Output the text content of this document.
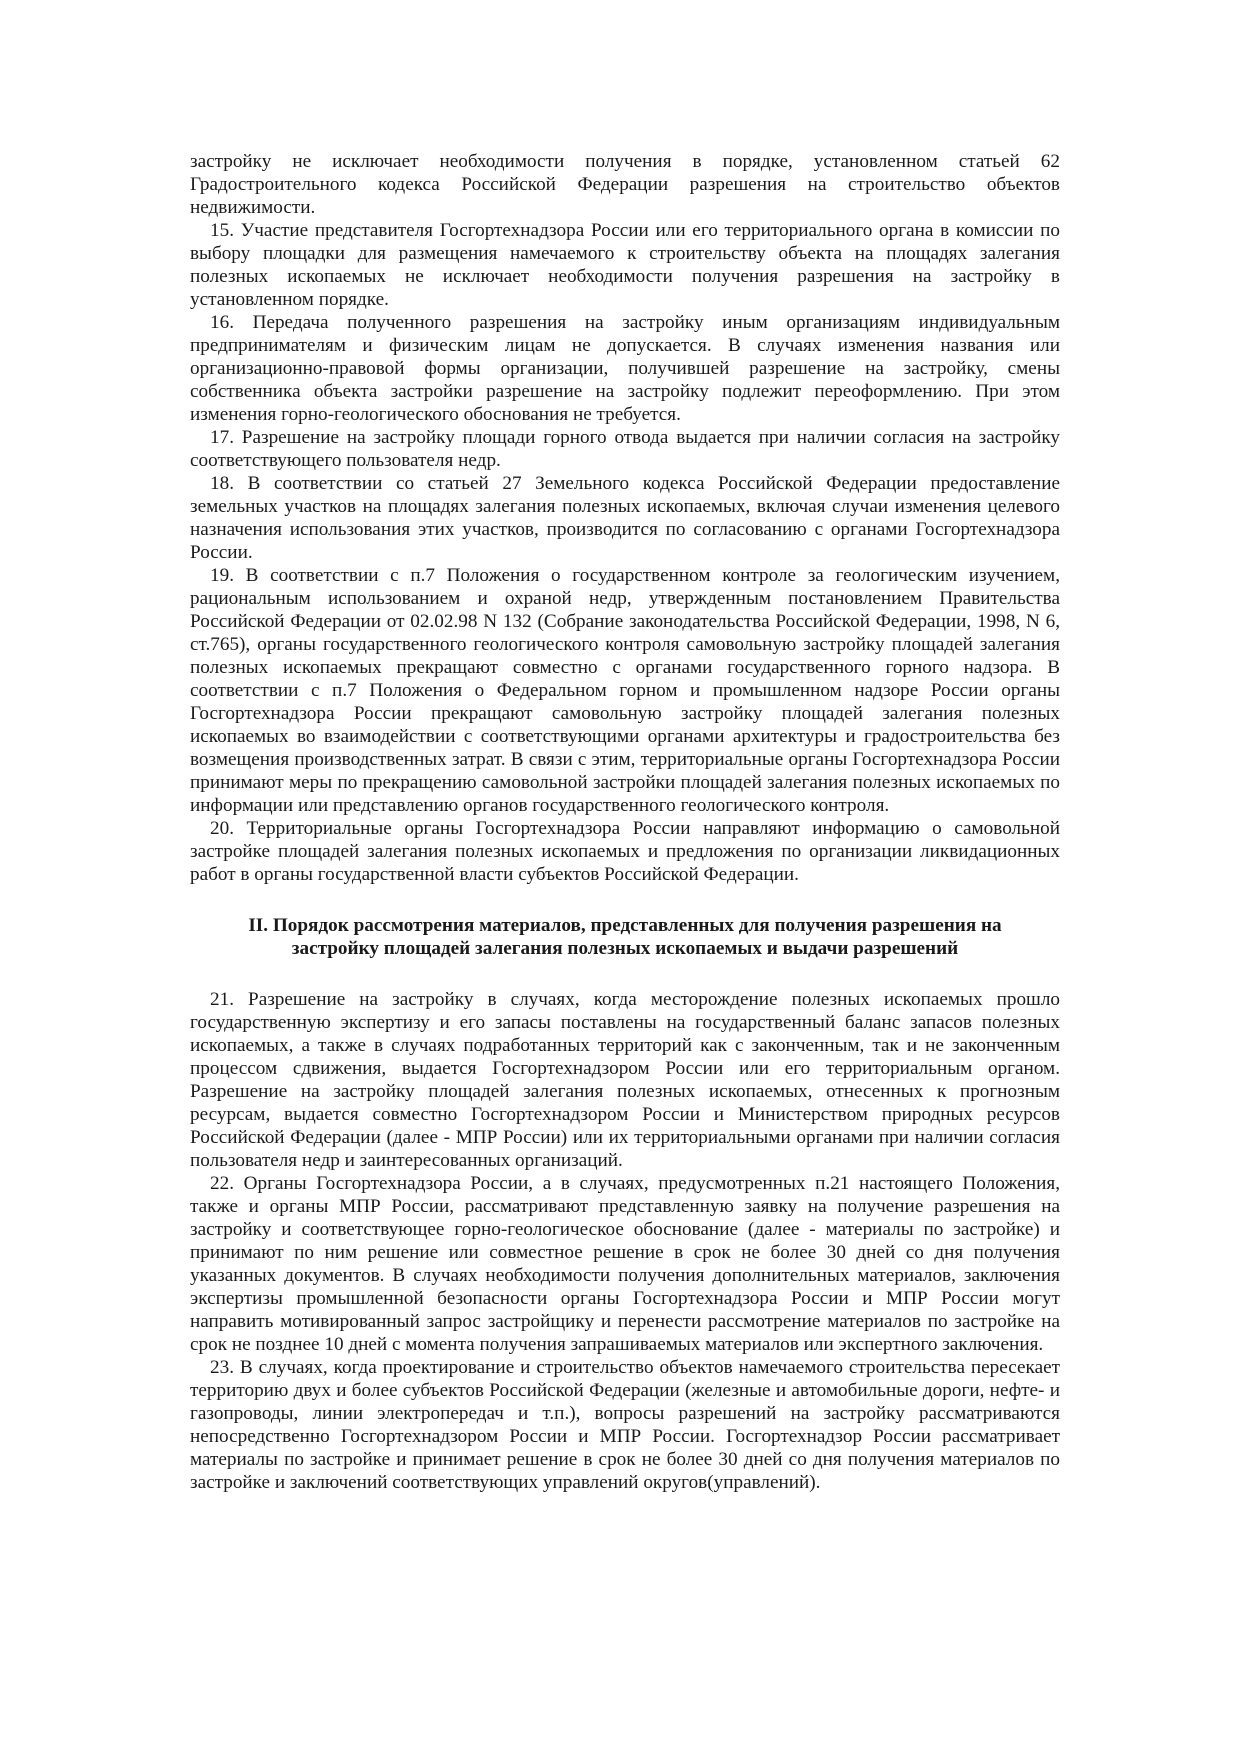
застройку не исключает необходимости получения в порядке, установленном статьей 62 Градостроительного кодекса Российской Федерации разрешения на строительство объектов недвижимости.

15. Участие представителя Госгортехнадзора России или его территориального органа в комиссии по выбору площадки для размещения намечаемого к строительству объекта на площадях залегания полезных ископаемых не исключает необходимости получения разрешения на застройку в установленном порядке.

16. Передача полученного разрешения на застройку иным организациям индивидуальным предпринимателям и физическим лицам не допускается. В случаях изменения названия или организационно-правовой формы организации, получившей разрешение на застройку, смены собственника объекта застройки разрешение на застройку подлежит переоформлению. При этом изменения горно-геологического обоснования не требуется.

17. Разрешение на застройку площади горного отвода выдается при наличии согласия на застройку соответствующего пользователя недр.

18. В соответствии со статьей 27 Земельного кодекса Российской Федерации предоставление земельных участков на площадях залегания полезных ископаемых, включая случаи изменения целевого назначения использования этих участков, производится по согласованию с органами Госгортехнадзора России.

19. В соответствии с п.7 Положения о государственном контроле за геологическим изучением, рациональным использованием и охраной недр, утвержденным постановлением Правительства Российской Федерации от 02.02.98 N 132 (Собрание законодательства Российской Федерации, 1998, N 6, ст.765), органы государственного геологического контроля самовольную застройку площадей залегания полезных ископаемых прекращают совместно с органами государственного горного надзора. В соответствии с п.7 Положения о Федеральном горном и промышленном надзоре России органы Госгортехнадзора России прекращают самовольную застройку площадей залегания полезных ископаемых во взаимодействии с соответствующими органами архитектуры и градостроительства без возмещения производственных затрат. В связи с этим, территориальные органы Госгортехнадзора России принимают меры по прекращению самовольной застройки площадей залегания полезных ископаемых по информации или представлению органов государственного геологического контроля.

20. Территориальные органы Госгортехнадзора России направляют информацию о самовольной застройке площадей залегания полезных ископаемых и предложения по организации ликвидационных работ в органы государственной власти субъектов Российской Федерации.

II. Порядок рассмотрения материалов, представленных для получения разрешения на
застройку площадей залегания полезных ископаемых и выдачи разрешений

21. Разрешение на застройку в случаях, когда месторождение полезных ископаемых прошло государственную экспертизу и его запасы поставлены на государственный баланс запасов полезных ископаемых, а также в случаях подработанных территорий как с законченным, так и не законченным процессом сдвижения, выдается Госгортехнадзором России или его территориальным органом. Разрешение на застройку площадей залегания полезных ископаемых, отнесенных к прогнозным ресурсам, выдается совместно Госгортехнадзором России и Министерством природных ресурсов Российской Федерации (далее - МПР России) или их территориальными органами при наличии согласия пользователя недр и заинтересованных организаций.

22. Органы Госгортехнадзора России, а в случаях, предусмотренных п.21 настоящего Положения, также и органы МПР России, рассматривают представленную заявку на получение разрешения на застройку и соответствующее горно-геологическое обоснование (далее - материалы по застройке) и принимают по ним решение или совместное решение в срок не более 30 дней со дня получения указанных документов. В случаях необходимости получения дополнительных материалов, заключения экспертизы промышленной безопасности органы Госгортехнадзора России и МПР России могут направить мотивированный запрос застройщику и перенести рассмотрение материалов по застройке на срок не позднее 10 дней с момента получения запрашиваемых материалов или экспертного заключения.

23. В случаях, когда проектирование и строительство объектов намечаемого строительства пересекает территорию двух и более субъектов Российской Федерации (железные и автомобильные дороги, нефте- и газопроводы, линии электропередач и т.п.), вопросы разрешений на застройку рассматриваются непосредственно Госгортехнадзором России и МПР России. Госгортехнадзор России рассматривает материалы по застройке и принимает решение в срок не более 30 дней со дня получения материалов по застройке и заключений соответствующих управлений округов(управлений).
